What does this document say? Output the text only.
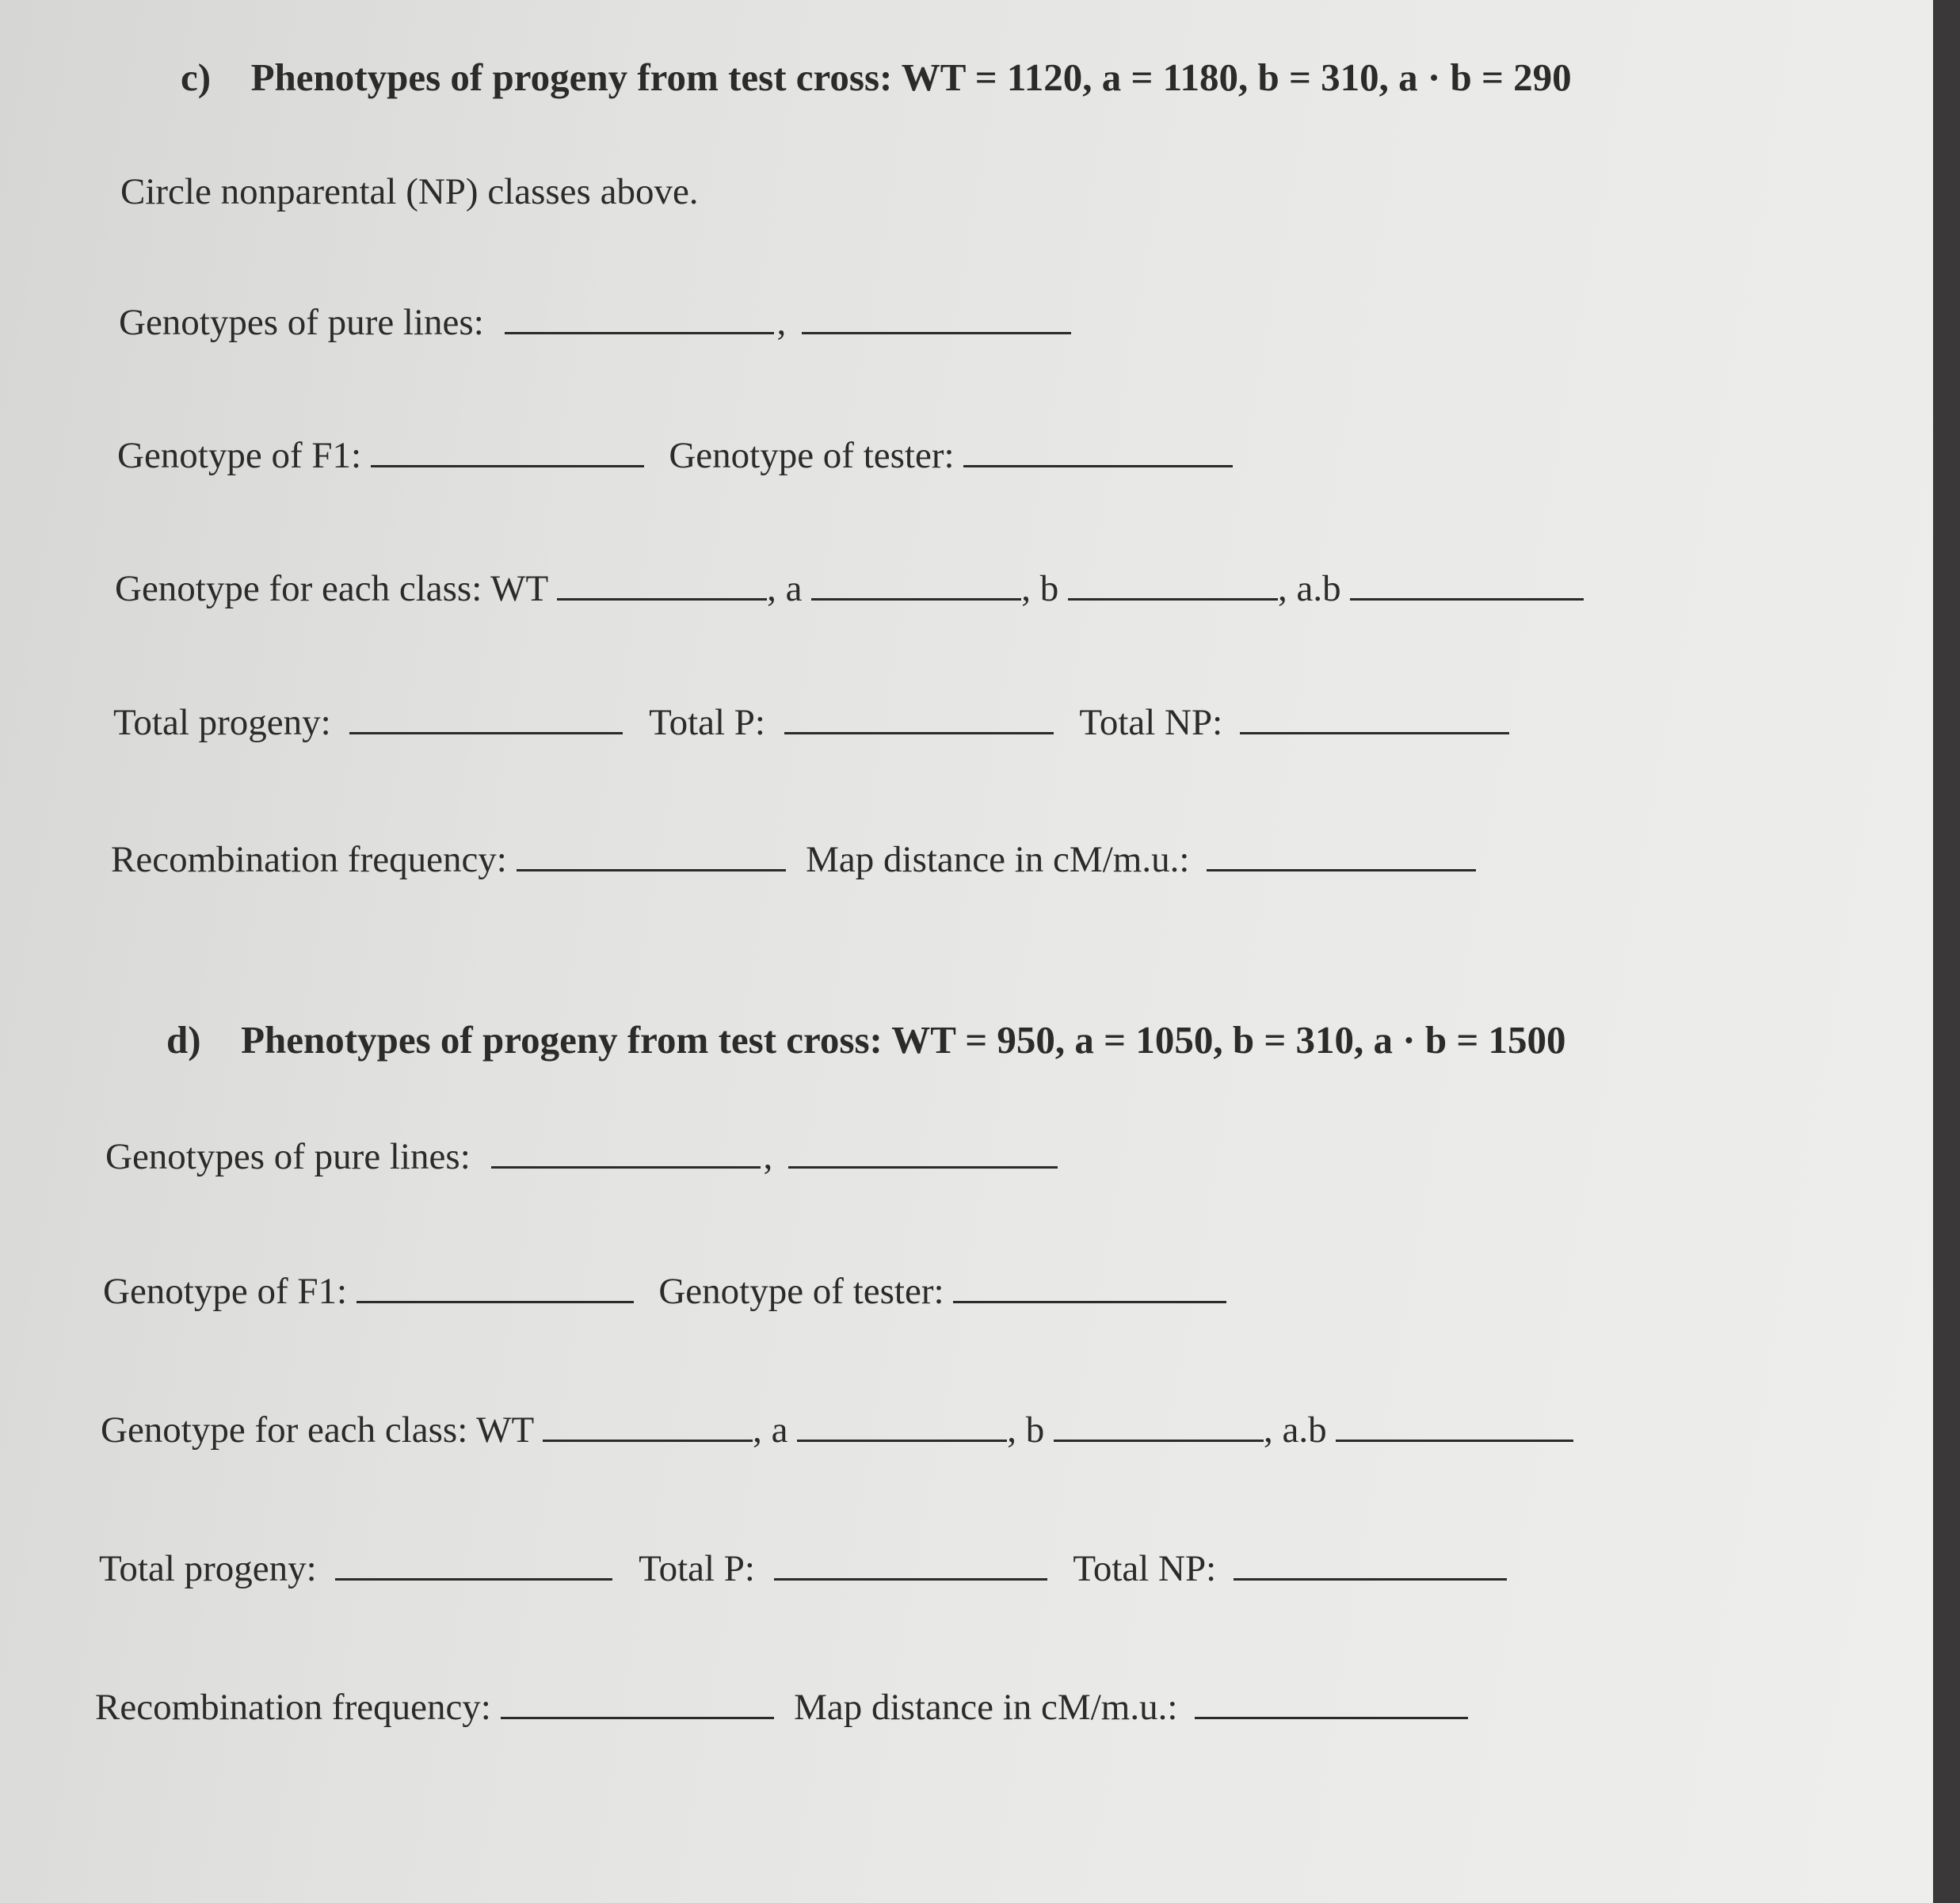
c) Phenotypes of progeny from test cross: WT = 1120, a = 1180, b = 310, a · b = 290
Circle nonparental (NP) classes above.
Genotypes of pure lines:	,
Genotype of F1:	Genotype of tester:
Genotype for each class: WT	, a	, b	, a.b
Total progeny:	Total P:	Total NP:
Recombination frequency:	Map distance in cM/m.u.:
d) Phenotypes of progeny from test cross: WT = 950, a = 1050, b = 310, a · b = 1500
Genotypes of pure lines:	,
Genotype of F1:	Genotype of tester:
Genotype for each class: WT	, a	, b	, a.b
Total progeny:	Total P:	Total NP:
Recombination frequency:	Map distance in cM/m.u.:
